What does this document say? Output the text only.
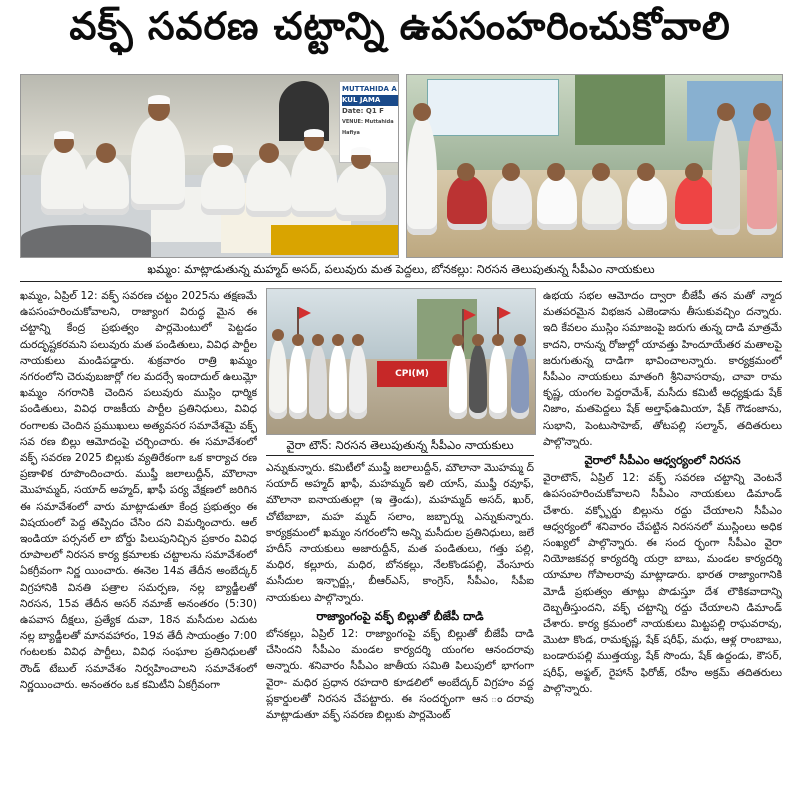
వక్ఫ్ సవరణ చట్టాన్ని ఉపసంహరించుకోవాలి
MUTTAHIDA A
KUL JAMA
Date: Q1 F
VENUE: Muttahida Hafiya
ఖమ్మం: మాట్లాడుతున్న మహ్మద్ అసద్, పలువురు మత పెద్దలు, బోనకల్లు: నిరసన తెలుపుతున్న సీపీఎం నాయకులు

ఖమ్మం, ఏప్రిల్ 12: వక్ఫ్ సవరణ చట్టం 2025ను తక్షణమే ఉపసంహరించుకోవాలని, రాజ్యాంగ విరుద్ధ మైన ఈ చట్టాన్ని కేంద్ర ప్రభుత్వం పార్లమెంటులో పెట్టడం దురదృష్టకరమని పలువురు మత పండితులు, వివిధ పార్టీల నాయకులు మండిపడ్డారు. శుక్రవారం రాత్రి ఖమ్మం నగరంలోని చెరువుబజార్లో గల మదర్సే ఇందాదుల్ ఉలుమ్లో ఖమ్మం నగరానికి చెందిన పలువురు ముస్లిం ధార్మిక పండితులు, వివిధ రాజకీయ పార్టీల ప్రతినిధులు, వివిధ రంగాలకు చెందిన ప్రముఖులు అత్యవసర సమావేశమై వక్ఫ్ సవ రణ బిల్లు ఆమోదంపై చర్చించారు. ఈ సమావేశంలో వక్ఫ్ సవరణ 2025 బిల్లుకు వ్యతిరేకంగా ఒక కార్యాచ రణ ప్రణాళిక రూపొందించారు. ముఫ్తీ జలాలుద్దీన్, మౌలానా మొహమ్మద్, సయాద్ అహ్మద్, ఖాఫీ పర్య వేక్షణలో జరిగిన ఈ సమావేశంలో వారు మాట్లాడుతూ కేంద్ర ప్రభుత్వం ఈ విషయంలో పెద్ద తప్పిదం చేసిం దని విమర్శించారు. ఆల్ ఇండియా పర్సనల్ లా బోర్డు పిలుపునిచ్చిన ప్రకారం వివిధ రూపాలలో నిరసన కార్య క్రమాలకు చట్టాలను సమావేశంలో ఏకగ్రీవంగా నిర్ణ యించారు. ఈనెల 14వ తేదీన అంబేద్కర్ విగ్రహానికి వినతి పత్రాల సమర్పణ, నల్ల బ్యాడ్జీలతో నిరసన, 15వ తేదీన అసర్ నమాజ్ అనంతరం (5:30) ఉపవాస దీక్షలు, ప్రత్యేక దువా, 18న మసీదుల ఎదుట నల్ల బ్యాడ్జీలతో మానవహారం, 19వ తేదీ సాయంత్రం 7:00 గంటలకు వివిధ పార్టీలు, వివిధ సంఘాల ప్రతినిధులతో రౌండ్ టేబుల్ సమావేశం నిర్వహించాలని సమావేశంలో నిర్ణయించారు. అనంతరం ఒక కమిటీని ఏకగ్రీవంగా

CPI(M)
వైరా టౌన్: నిరసన తెలుపుతున్న సీపీఎం నాయకులు

ఎన్నుకున్నారు. కమిటీలో ముఫ్తీ జలాలుద్దీన్, మౌలానా మొహమ్మ ద్ సయాద్ అహ్మద్ ఖాఫీ, మహమ్మద్ ఇలి యాస్, ముఫ్తీ రవూఫ్, మౌలానా ఐనాయతుల్లా (ఇ త్తెండు), మహమ్మద్ అసద్, ఖుర్, చోటేబాబా, మహ మ్మద్ సలాం, జబ్బార్ను ఎన్నుకున్నారు. కార్యక్రమంలో ఖమ్మం నగరంలోని అన్ని మసీదుల ప్రతినిధులు, జలే హదీస్ నాయకులు అజారుద్దీన్, మత పండితులు, గత్తు పల్లి, మధిర, కల్లూరు, మధిర, బోనకల్లు, నేలకొండపల్లి, వేంసూరు మసీదుల ఇన్చార్జ్లు, బీఆర్ఎస్, కాంగ్రెస్, సీపీఎం, సీపీఐ నాయకులు పాల్గొన్నారు.

రాజ్యాంగంపై వక్ఫ్ బిల్లుతో బీజేపీ దాడి

బోనకల్లు, ఏప్రిల్ 12: రాజ్యాంగంపై వక్ఫ్ బిల్లుతో బీజేపీ దాడి చేసిందని సీపీఎం మండల కార్యదర్శి యంగల ఆనందరావు అన్నారు. శనివారం సీపీఎం జాతీయ సమితి పిలుపులో భాగంగా వైరా- మధిర ప్రధాన రహదారి కూడలిలో అంబేద్కర్ విగ్రహం వద్ద ప్లకార్డులతో నిరసన చేపట్టారు. ఈ సందర్భంగా ఆన ందరావు మాట్లాడుతూ వక్ఫ్ సవరణ బిల్లుకు పార్లమెంట్

ఉభయ సభల ఆమోదం ద్వారా బీజేపీ తన మతో న్మాద మతపరమైన విభజన ఎజెండాను తీసుకువచ్చిం దన్నారు. ఇది కేవలం ముస్లిం సమాజంపై జరుగు తున్న దాడి మాత్రమే కాదని, రానున్న రోజుల్లో యావత్తు హిందూయేతర మతాలపై జరుగుతున్న దాడిగా భావించాలన్నారు. కార్యక్రమంలో సీపీఎం నాయకులు మాతంగి శ్రీనివాసరావు, చావా రామ కృష్ణ, యంగల పెద్దరామేశ్, మసీదు కమిటీ అధ్యక్షుడు షేక్ నిజాం, మతపెద్దలు షేక్ అల్తాఫ్ఉమియా, షేక్ గౌడంజాను, సుభాని, పెంటుసాహెబ్, తోటపల్లి సల్మాన్, తదితరులు పాల్గొన్నారు.

వైరాలో సీపీఎం ఆధ్వర్యంలో నిరసన

వైరాటౌన్, ఏప్రిల్ 12: వక్ఫ్ సవరణ చట్టాన్ని వెంటనే ఉపసంహరించుకోవాలని సీపీఎం నాయకులు డిమాండ్ చేశారు. వక్ఫ్బోర్డు బిల్లును రద్దు చేయాలని సీపీఎం ఆధ్వర్యంలో శనివారం చేపట్టిన నిరసనలో ముస్లింలు అధిక సంఖ్యలో పాల్గొన్నారు. ఈ సంద ర్భంగా సీపీఎం వైరా నియోజకవర్గ కార్యదర్శి యర్రా బాబు, మండల కార్యదర్శి యామాల గోపాలరావు మాట్లాడారు. భారత రాజ్యాంగానికి మోడీ ప్రభుత్వం తూట్లు పొడుస్తూ దేశ లౌకికవాదాన్ని దెబ్బతీస్తుందని, వక్ఫ్ చట్టాన్ని రద్దు చేయాలని డిమాండ్ చేశారు. కార్య క్రమంలో నాయకులు మిట్టపల్లి రాఘవరావు, మొటా కొండ, రామకృష్ణ, షేక్ షరీఫ్, మధు, ఆళ్ల రాంబాబు, బండారుపల్లి ముత్తయ్య, షేక్ సొందు, షేక్ ఉద్దండు, కౌసర్, షరీఫ్, అఫ్జల్, రైహాన్ ఫిరోజ్, రహీం అక్రమ్ తదితరులు పాల్గొన్నారు.
